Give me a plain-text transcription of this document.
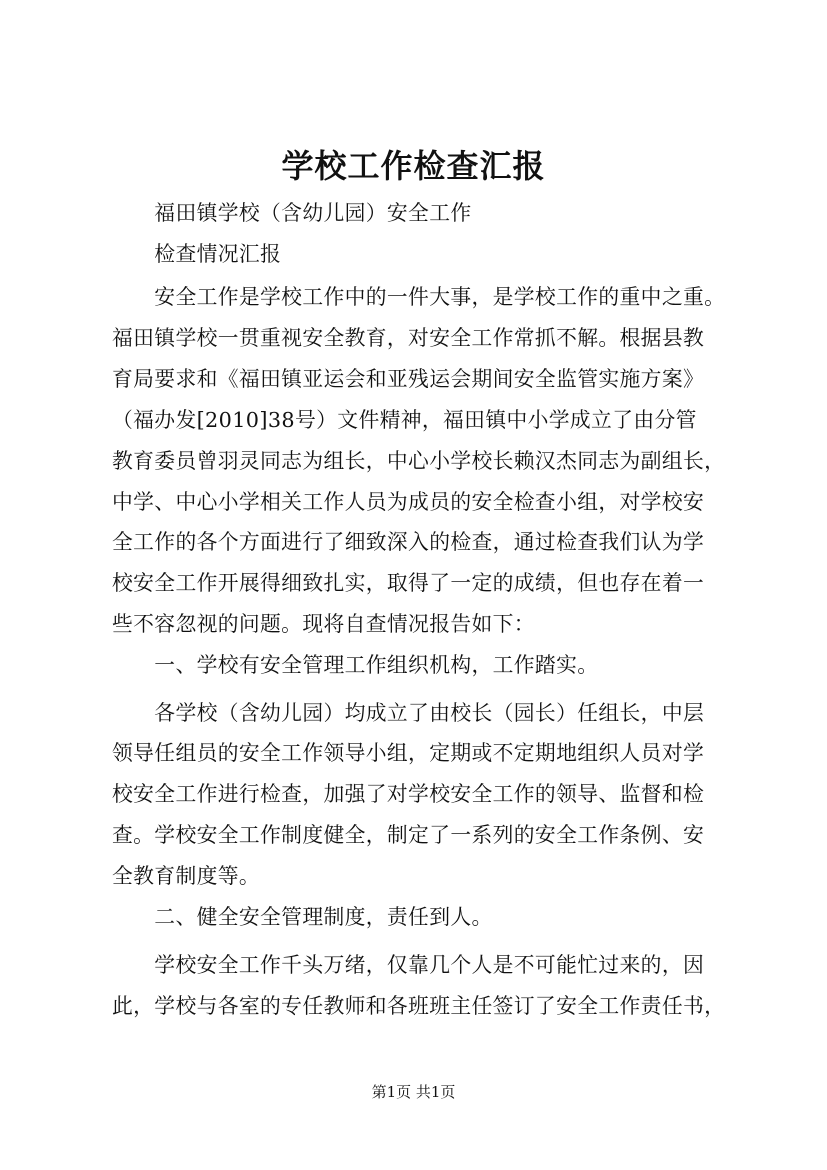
学校工作检查汇报
　　福田镇学校（含幼儿园）安全工作
　　检查情况汇报
　　安全工作是学校工作中的一件大事，是学校工作的重中之重。
福田镇学校一贯重视安全教育，对安全工作常抓不解。根据县教
育局要求和《福田镇亚运会和亚残运会期间安全监管实施方案》
（福办发[2010]38号）文件精神，福田镇中小学成立了由分管
教育委员曾羽灵同志为组长，中心小学校长赖汉杰同志为副组长，
中学、中心小学相关工作人员为成员的安全检查小组，对学校安
全工作的各个方面进行了细致深入的检查，通过检查我们认为学
校安全工作开展得细致扎实，取得了一定的成绩，但也存在着一
些不容忽视的问题。现将自查情况报告如下：
　　一、学校有安全管理工作组织机构，工作踏实。
　　各学校（含幼儿园）均成立了由校长（园长）任组长，中层
领导任组员的安全工作领导小组，定期或不定期地组织人员对学
校安全工作进行检查，加强了对学校安全工作的领导、监督和检
查。学校安全工作制度健全，制定了一系列的安全工作条例、安
全教育制度等。
　　二、健全安全管理制度，责任到人。
　　学校安全工作千头万绪，仅靠几个人是不可能忙过来的，因
此，学校与各室的专任教师和各班班主任签订了安全工作责任书，
第1页 共1页
